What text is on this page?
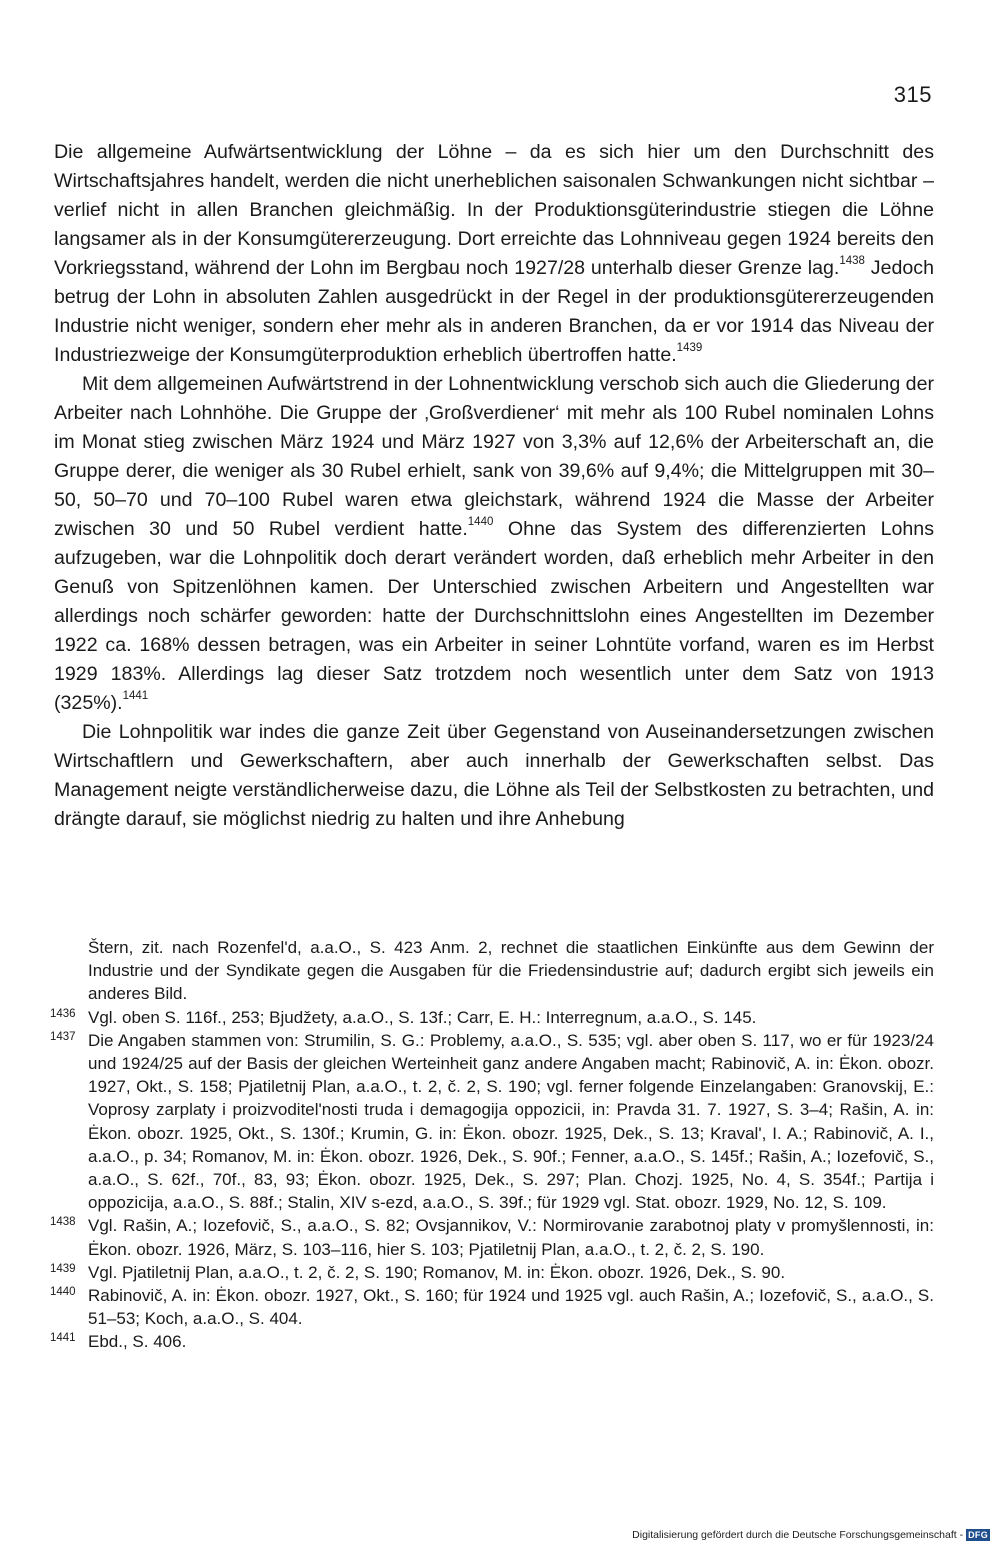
315

Die allgemeine Aufwärtsentwicklung der Löhne – da es sich hier um den Durchschnitt des Wirtschaftsjahres handelt, werden die nicht unerheblichen saisonalen Schwankungen nicht sichtbar – verlief nicht in allen Branchen gleichmäßig. In der Produktionsgüterindustrie stiegen die Löhne langsamer als in der Konsumgütererzeugung. Dort erreichte das Lohnniveau gegen 1924 bereits den Vorkriegsstand, während der Lohn im Bergbau noch 1927/28 unterhalb dieser Grenze lag.$^{1438}$ Jedoch betrug der Lohn in absoluten Zahlen ausgedrückt in der Regel in der produktionsgütererzeugenden Industrie nicht weniger, sondern eher mehr als in anderen Branchen, da er vor 1914 das Niveau der Industriezweige der Konsumgüterproduktion erheblich übertroffen hatte.$^{1439}$

Mit dem allgemeinen Aufwärtstrend in der Lohnentwicklung verschob sich auch die Gliederung der Arbeiter nach Lohnhöhe. Die Gruppe der ‚Großverdiener‘ mit mehr als 100 Rubel nominalen Lohns im Monat stieg zwischen März 1924 und März 1927 von 3,3% auf 12,6% der Arbeiterschaft an, die Gruppe derer, die weniger als 30 Rubel erhielt, sank von 39,6% auf 9,4%; die Mittelgruppen mit 30–50, 50–70 und 70–100 Rubel waren etwa gleichstark, während 1924 die Masse der Arbeiter zwischen 30 und 50 Rubel verdient hatte.$^{1440}$ Ohne das System des differenzierten Lohns aufzugeben, war die Lohnpolitik doch derart verändert worden, daß erheblich mehr Arbeiter in den Genuß von Spitzenlöhnen kamen. Der Unterschied zwischen Arbeitern und Angestellten war allerdings noch schärfer geworden: hatte der Durchschnittslohn eines Angestellten im Dezember 1922 ca. 168% dessen betragen, was ein Arbeiter in seiner Lohntüte vorfand, waren es im Herbst 1929 183%. Allerdings lag dieser Satz trotzdem noch wesentlich unter dem Satz von 1913 (325%).$^{1441}$

Die Lohnpolitik war indes die ganze Zeit über Gegenstand von Auseinandersetzungen zwischen Wirtschaftlern und Gewerkschaftern, aber auch innerhalb der Gewerkschaften selbst. Das Management neigte verständlicherweise dazu, die Löhne als Teil der Selbstkosten zu betrachten, und drängte darauf, sie möglichst niedrig zu halten und ihre Anhebung

Štern, zit. nach Rozenfel'd, a.a.O., S. 423 Anm. 2, rechnet die staatlichen Einkünfte aus dem Gewinn der Industrie und der Syndikate gegen die Ausgaben für die Friedensindustrie auf; dadurch ergibt sich jeweils ein anderes Bild.

1436 Vgl. oben S. 116f., 253; Bjudžety, a.a.O., S. 13f.; Carr, E. H.: Interregnum, a.a.O., S. 145.

1437 Die Angaben stammen von: Strumilin, S. G.: Problemy, a.a.O., S. 535; vgl. aber oben S. 117, wo er für 1923/24 und 1924/25 auf der Basis der gleichen Werteinheit ganz andere Angaben macht; Rabinovič, A. in: Ėkon. obozr. 1927, Okt., S. 158; Pjatiletnij Plan, a.a.O., t. 2, č. 2, S. 190; vgl. ferner folgende Einzelangaben: Granovskij, E.: Voprosy zarplaty i proizvoditel'nosti truda i demagogija oppozicii, in: Pravda 31. 7. 1927, S. 3–4; Rašin, A. in: Ėkon. obozr. 1925, Okt., S. 130f.; Krumin, G. in: Ėkon. obozr. 1925, Dek., S. 13; Kraval', I. A.; Rabinovič, A. I., a.a.O., p. 34; Romanov, M. in: Ėkon. obozr. 1926, Dek., S. 90f.; Fenner, a.a.O., S. 145f.; Rašin, A.; Iozefovič, S., a.a.O., S. 62f., 70f., 83, 93; Ėkon. obozr. 1925, Dek., S. 297; Plan. Chozj. 1925, No. 4, S. 354f.; Partija i oppozicija, a.a.O., S. 88f.; Stalin, XIV s-ezd, a.a.O., S. 39f.; für 1929 vgl. Stat. obozr. 1929, No. 12, S. 109.

1438 Vgl. Rašin, A.; Iozefovič, S., a.a.O., S. 82; Ovsjannikov, V.: Normirovanie zarabotnoj platy v promyšlennosti, in: Ėkon. obozr. 1926, März, S. 103–116, hier S. 103; Pjatiletnij Plan, a.a.O., t. 2, č. 2, S. 190.

1439 Vgl. Pjatiletnij Plan, a.a.O., t. 2, č. 2, S. 190; Romanov, M. in: Ėkon. obozr. 1926, Dek., S. 90.

1440 Rabinovič, A. in: Ėkon. obozr. 1927, Okt., S. 160; für 1924 und 1925 vgl. auch Rašin, A.; Iozefovič, S., a.a.O., S. 51–53; Koch, a.a.O., S. 404.

1441 Ebd., S. 406.

Digitalisierung gefördert durch die Deutsche Forschungsgemeinschaft - DFG
